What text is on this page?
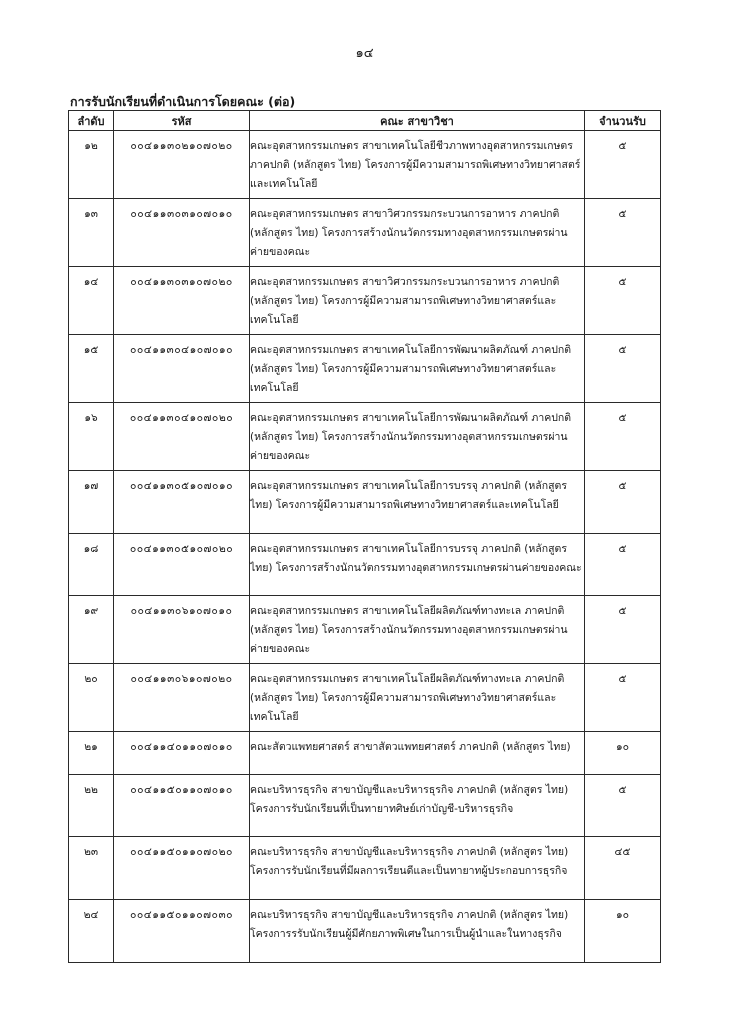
๑๔
การรับนักเรียนที่ดำเนินการโดยคณะ (ต่อ)
ลำดับ	รหัส	คณะ สาขาวิชา	จำนวนรับ
๑๒	๐๐๔๑๑๓๐๒๑๐๗๐๒๐	คณะอุตสาหกรรมเกษตร สาขาเทคโนโลยีชีวภาพทางอุตสาหกรรมเกษตร ภาคปกติ (หลักสูตร ไทย) โครงการผู้มีความสามารถพิเศษทางวิทยาศาสตร์และเทคโนโลยี	๕
๑๓	๐๐๔๑๑๓๐๓๑๐๗๐๑๐	คณะอุตสาหกรรมเกษตร สาขาวิศวกรรมกระบวนการอาหาร ภาคปกติ (หลักสูตร ไทย) โครงการสร้างนักนวัตกรรมทางอุตสาหกรรมเกษตรผ่านค่ายของคณะ	๕
๑๔	๐๐๔๑๑๓๐๓๑๐๗๐๒๐	คณะอุตสาหกรรมเกษตร สาขาวิศวกรรมกระบวนการอาหาร ภาคปกติ (หลักสูตร ไทย) โครงการผู้มีความสามารถพิเศษทางวิทยาศาสตร์และเทคโนโลยี	๕
๑๕	๐๐๔๑๑๓๐๔๑๐๗๐๑๐	คณะอุตสาหกรรมเกษตร สาขาเทคโนโลยีการพัฒนาผลิตภัณฑ์ ภาคปกติ (หลักสูตร ไทย) โครงการผู้มีความสามารถพิเศษทางวิทยาศาสตร์และเทคโนโลยี	๕
๑๖	๐๐๔๑๑๓๐๔๑๐๗๐๒๐	คณะอุตสาหกรรมเกษตร สาขาเทคโนโลยีการพัฒนาผลิตภัณฑ์ ภาคปกติ (หลักสูตร ไทย) โครงการสร้างนักนวัตกรรมทางอุตสาหกรรมเกษตรผ่านค่ายของคณะ	๕
๑๗	๐๐๔๑๑๓๐๕๑๐๗๐๑๐	คณะอุตสาหกรรมเกษตร สาขาเทคโนโลยีการบรรจุ ภาคปกติ (หลักสูตร ไทย) โครงการผู้มีความสามารถพิเศษทางวิทยาศาสตร์และเทคโนโลยี	๕
๑๘	๐๐๔๑๑๓๐๕๑๐๗๐๒๐	คณะอุตสาหกรรมเกษตร สาขาเทคโนโลยีการบรรจุ ภาคปกติ (หลักสูตร ไทย) โครงการสร้างนักนวัตกรรมทางอุตสาหกรรมเกษตรผ่านค่ายของคณะ	๕
๑๙	๐๐๔๑๑๓๐๖๑๐๗๐๑๐	คณะอุตสาหกรรมเกษตร สาขาเทคโนโลยีผลิตภัณฑ์ทางทะเล ภาคปกติ (หลักสูตร ไทย) โครงการสร้างนักนวัตกรรมทางอุตสาหกรรมเกษตรผ่านค่ายของคณะ	๕
๒๐	๐๐๔๑๑๓๐๖๑๐๗๐๒๐	คณะอุตสาหกรรมเกษตร สาขาเทคโนโลยีผลิตภัณฑ์ทางทะเล ภาคปกติ (หลักสูตร ไทย) โครงการผู้มีความสามารถพิเศษทางวิทยาศาสตร์และเทคโนโลยี	๕
๒๑	๐๐๔๑๑๔๐๑๑๐๗๐๑๐	คณะสัตวแพทยศาสตร์ สาขาสัตวแพทยศาสตร์ ภาคปกติ (หลักสูตร ไทย)	๑๐
๒๒	๐๐๔๑๑๕๐๑๑๐๗๐๑๐	คณะบริหารธุรกิจ สาขาบัญชีและบริหารธุรกิจ ภาคปกติ (หลักสูตร ไทย) โครงการรับนักเรียนที่เป็นทายาทศิษย์เก่าบัญชี-บริหารธุรกิจ	๕
๒๓	๐๐๔๑๑๕๐๑๑๐๗๐๒๐	คณะบริหารธุรกิจ สาขาบัญชีและบริหารธุรกิจ ภาคปกติ (หลักสูตร ไทย) โครงการรับนักเรียนที่มีผลการเรียนดีและเป็นทายาทผู้ประกอบการธุรกิจ	๔๕
๒๔	๐๐๔๑๑๕๐๑๑๐๗๐๓๐	คณะบริหารธุรกิจ สาขาบัญชีและบริหารธุรกิจ ภาคปกติ (หลักสูตร ไทย) โครงการรรับนักเรียนผู้มีศักยภาพพิเศษในการเป็นผู้นำและในทางธุรกิจ	๑๐
